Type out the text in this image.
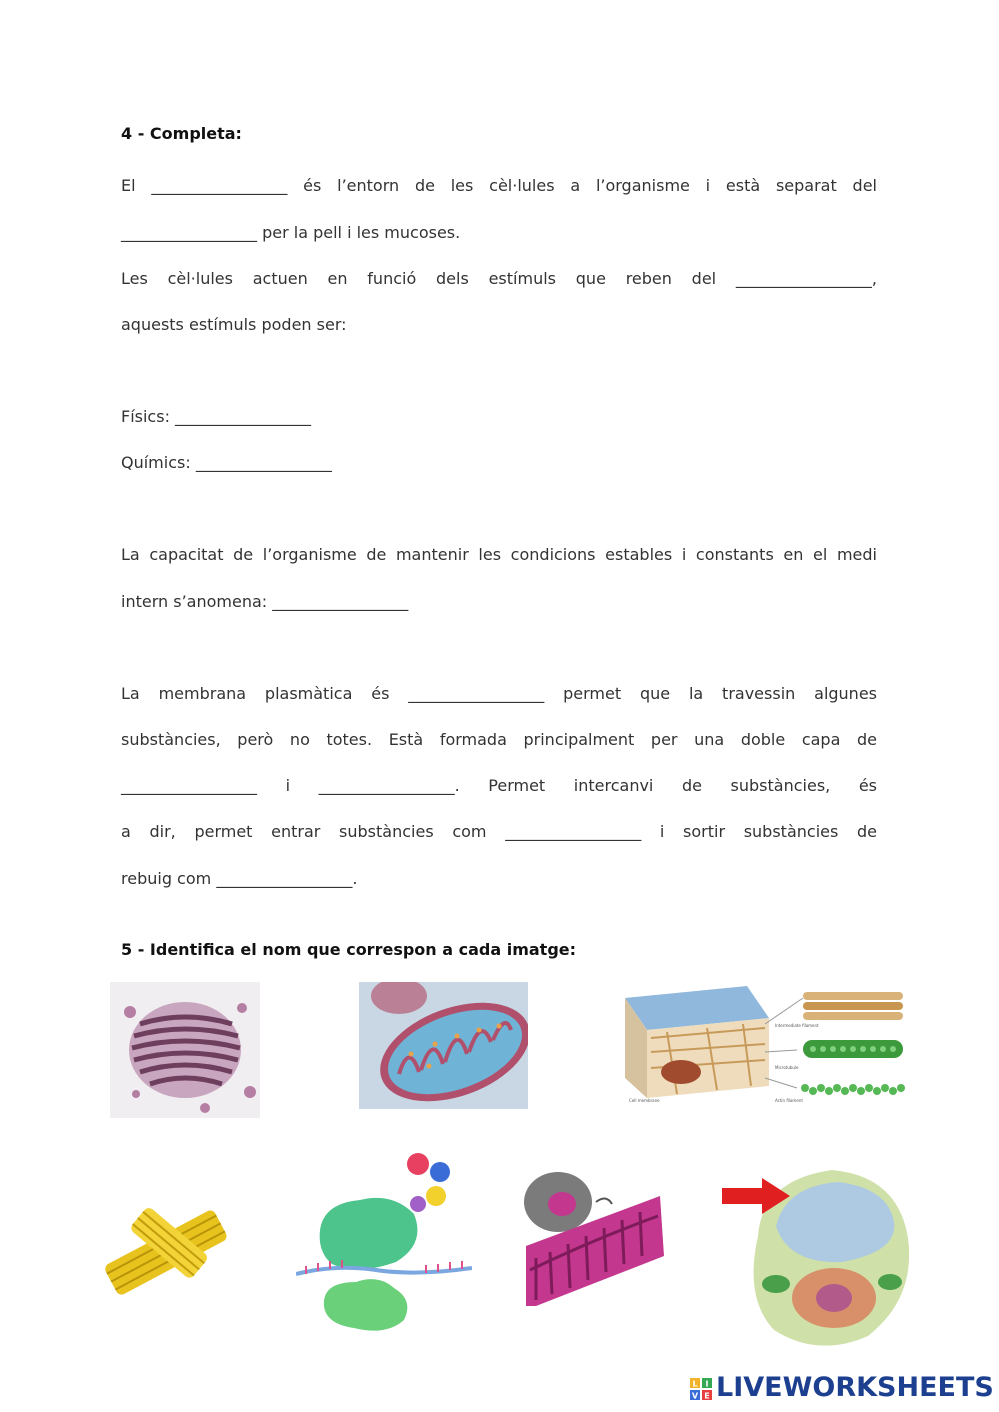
4 - Completa:
El _________________ és l’entorn de les cèl·lules a l’organisme i està separat del
_________________ per la pell i les mucoses.
Les cèl·lules actuen en funció dels estímuls que reben del _________________,
aquests estímuls poden ser:
Físics: _________________
Químics: _________________
La capacitat de l’organisme de mantenir les condicions estables i constants en el medi
intern s’anomena: _________________
La membrana plasmàtica és _________________ permet que la travessin algunes
substàncies, però no totes. Està formada principalment per una doble capa de
_________________ i _________________. Permet intercanvi de substàncies, és
a dir, permet entrar substàncies com _________________ i sortir substàncies de
rebuig com _________________.
5 - Identifica el nom que correspon a cada imatge:
Intermediate filament
Microtubule
Actin filament
Cell membrane
L I
V E LIVEWORKSHEETS
